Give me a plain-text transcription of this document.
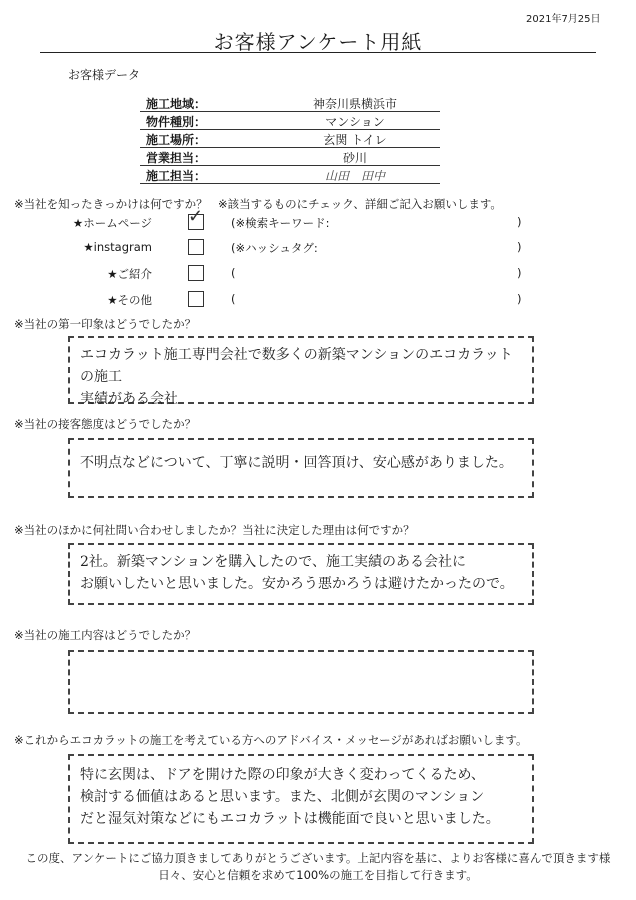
2021年7月25日
お客様アンケート用紙
お客様データ
施工地域：	神奈川県横浜市
物件種別：	マンション
施工場所：	玄関 トイレ
営業担当：	砂川
施工担当：	山田　田中
※当社を知ったきっかけは何ですか？ ※該当するものにチェック、詳細ご記入お願いします。
★ホームページ ✓ (※検索キーワード:	)
★instagram	(※ハッシュタグ:	)
★ご紹介	(	)
★その他	(	)
※当社の第一印象はどうでしたか？
エコカラット施工専門会社で数多くの新築マンションのエコカラットの施工
実績がある会社
※当社の接客態度はどうでしたか？
不明点などについて、丁寧に説明・回答頂け、安心感がありました。
※当社のほかに何社問い合わせしましたか？当社に決定した理由は何ですか？
2社。新築マンションを購入したので、施工実績のある会社に
お願いしたいと思いました。安かろう悪かろうは避けたかったので。
※当社の施工内容はどうでしたか？
※これからエコカラットの施工を考えている方へのアドバイス・メッセージがあればお願いします。
特に玄関は、ドアを開けた際の印象が大きく変わってくるため、
検討する価値はあると思います。また、北側が玄関のマンション
だと湿気対策などにもエコカラットは機能面で良いと思いました。
この度、アンケートにご協力頂きましてありがとうございます。上記内容を基に、よりお客様に喜んで頂きます様
日々、安心と信頼を求めて100%の施工を目指して行きます。
